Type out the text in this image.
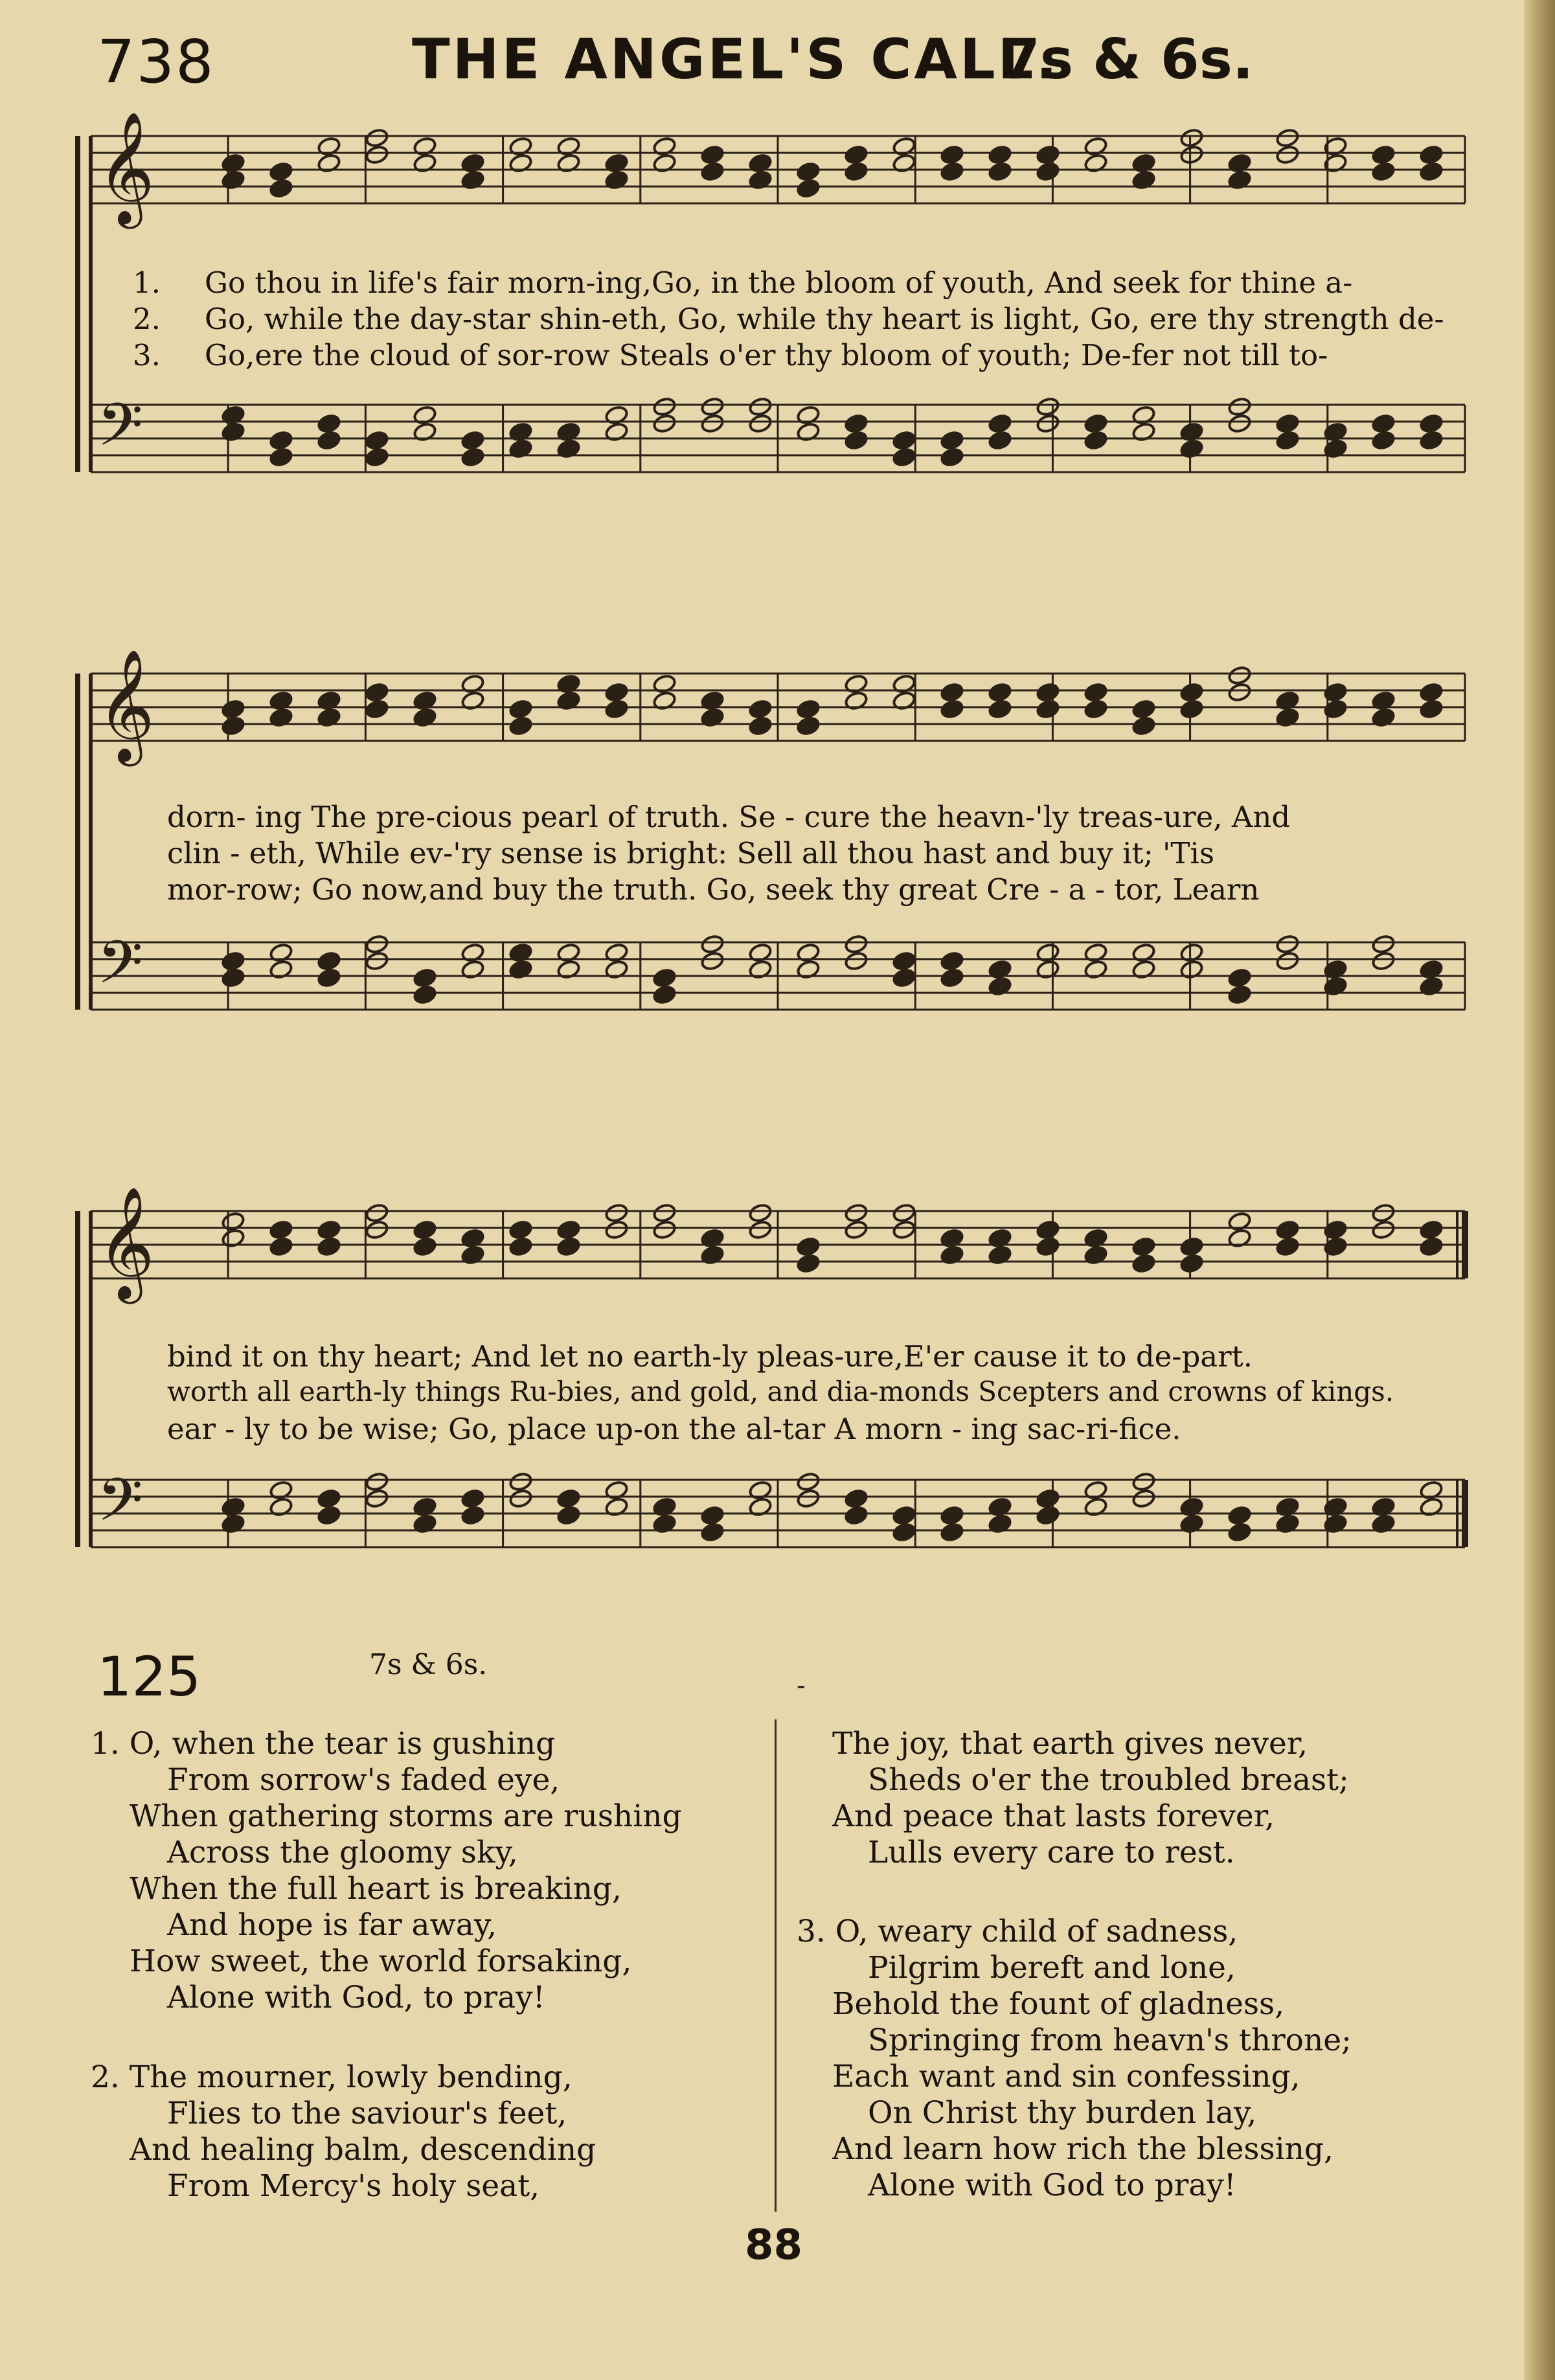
738	THE ANGEL'S CALL.
7s & 6s.
𝄞
𝄢
𝄞
𝄢
𝄞
𝄢
1. Go thou in life's fair morn-ing,Go, in the bloom of youth, And seek for thine a-
2. Go, while the day-star shin-eth, Go, while thy heart is light, Go, ere thy strength de-
3. Go,ere the cloud of sor-row Steals o'er thy bloom of youth; De-fer not till to-
dorn- ing The pre-cious pearl of truth. Se - cure the heavn-'ly treas-ure, And
clin - eth, While ev-'ry sense is bright: Sell all thou hast and buy it; 'Tis
mor-row; Go now,and buy the truth. Go, seek thy great Cre - a - tor, Learn
bind it on thy heart; And let no earth-ly pleas-ure,E'er cause it to de-part.
worth all earth-ly things Ru-bies, and gold, and dia-monds Scepters and crowns of kings.
ear - ly to be wise; Go, place up-on the al-tar A morn - ing sac-ri-fice.
125	7s & 6s.
-
1. O, when the tear is gushing
From sorrow's faded eye,
When gathering storms are rushing
Across the gloomy sky,
When the full heart is breaking,
And hope is far away,
How sweet, the world forsaking,
Alone with God, to pray!
2. The mourner, lowly bending,
Flies to the saviour's feet,
And healing balm, descending
From Mercy's holy seat,
The joy, that earth gives never,
Sheds o'er the troubled breast;
And peace that lasts forever,
Lulls every care to rest.
3. O, weary child of sadness,
Pilgrim bereft and lone,
Behold the fount of gladness,
Springing from heavn's throne;
Each want and sin confessing,
On Christ thy burden lay,
And learn how rich the blessing,
Alone with God to pray!
88
